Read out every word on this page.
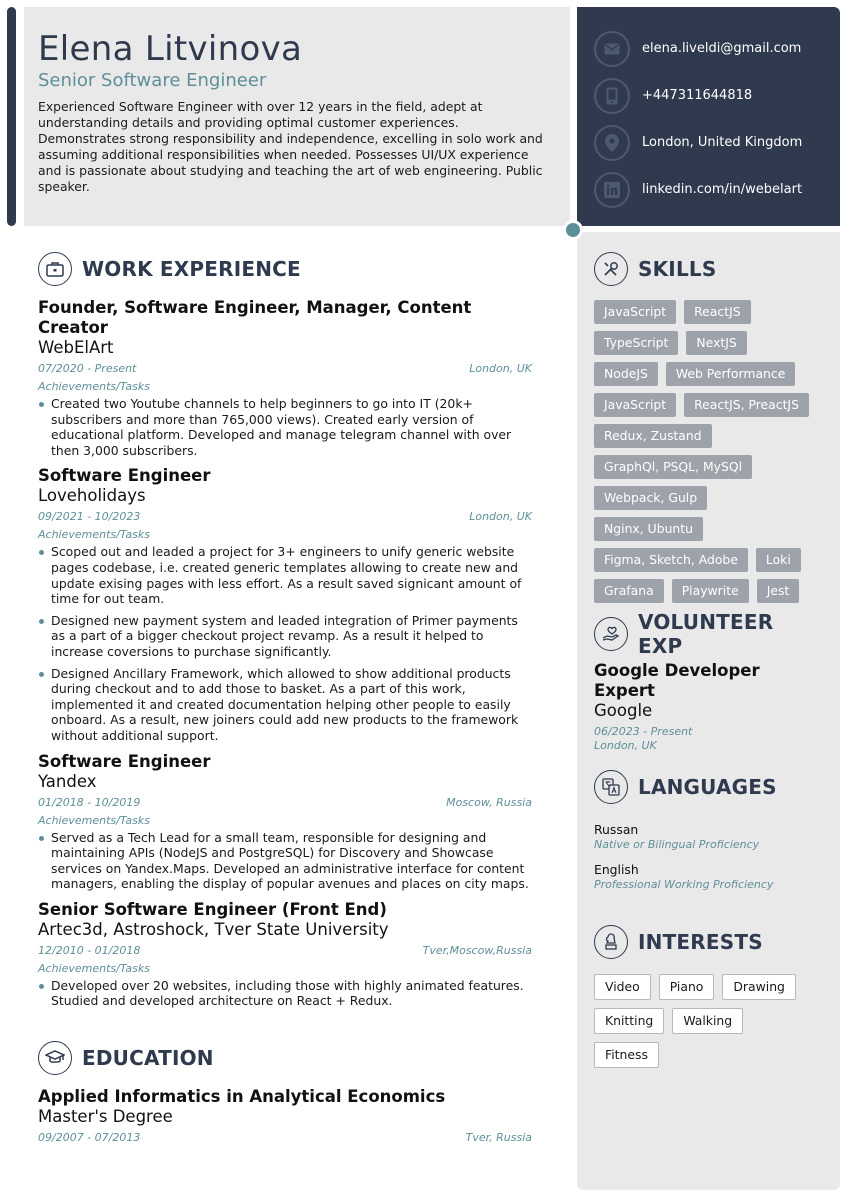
Elena Litvinova
Senior Software Engineer
Experienced Software Engineer with over 12 years in the field, adept at understanding details and providing optimal customer experiences. Demonstrates strong responsibility and independence, excelling in solo work and assuming additional responsibilities when needed. Possesses UI/UX experience and is passionate about studying and teaching the art of web engineering. Public speaker.
elena.liveldi@gmail.com
+447311644818
London, United Kingdom
linkedin.com/in/webelart
WORK EXPERIENCE
Founder, Software Engineer, Manager, Content Creator
WebElArt
07/2020 - Present	London, UK
Achievements/Tasks
Created two Youtube channels to help beginners to go into IT (20k+ subscribers and more than 765,000 views). Created early version of educational platform. Developed and manage telegram channel with over then 3,000 subscribers.
Software Engineer
Loveholidays
09/2021 - 10/2023	London, UK
Achievements/Tasks
Scoped out and leaded a project for 3+ engineers to unify generic website pages codebase, i.e. created generic templates allowing to create new and update exising pages with less effort. As a result saved signicant amount of time for out team.
Designed new payment system and leaded integration of Primer payments as a part of a bigger checkout project revamp. As a result it helped to increase coversions to purchase significantly.
Designed Ancillary Framework, which allowed to show additional products during checkout and to add those to basket. As a part of this work, implemented it and created documentation helping other people to easily onboard. As a result, new joiners could add new products to the framework without additional support.
Software Engineer
Yandex
01/2018 - 10/2019	Moscow, Russia
Achievements/Tasks
Served as a Tech Lead for a small team, responsible for designing and maintaining APIs (NodeJS and PostgreSQL) for Discovery and Showcase services on Yandex.Maps. Developed an administrative interface for content managers, enabling the display of popular avenues and places on city maps.
Senior Software Engineer (Front End)
Artec3d, Astroshock, Tver State University
12/2010 - 01/2018	Tver,Moscow,Russia
Achievements/Tasks
Developed over 20 websites, including those with highly animated features. Studied and developed architecture on React + Redux.
EDUCATION
Applied Informatics in Analytical Economics
Master's Degree
09/2007 - 07/2013	Tver, Russia
SKILLS
JavaScript	ReactJS
TypeScript	NextJS
NodeJS	Web Performance
JavaScript	ReactJS, PreactJS
Redux, Zustand
GraphQl, PSQL, MySQl
Webpack, Gulp
Nginx, Ubuntu
Figma, Sketch, Adobe	Loki
Grafana	Playwrite	Jest
VOLUNTEER EXP
Google Developer Expert
Google
06/2023 - Present
London, UK
LANGUAGES
Russan
Native or Bilingual Proficiency
English
Professional Working Proficiency
INTERESTS
Video	Piano	Drawing
Knitting	Walking
Fitness
